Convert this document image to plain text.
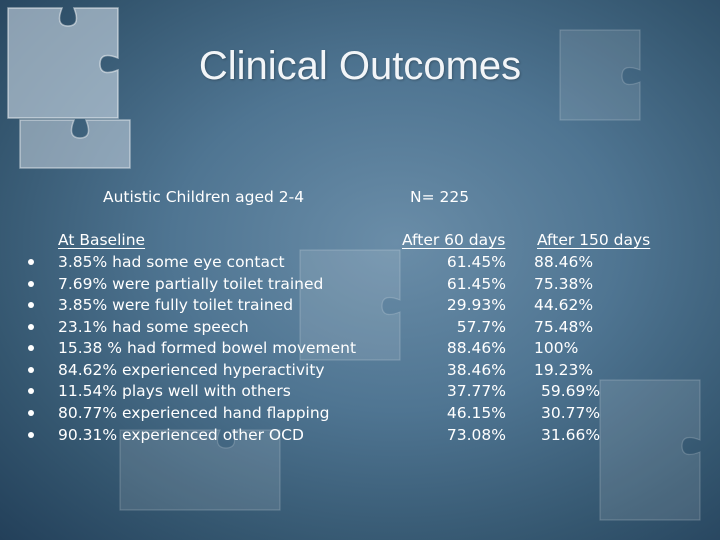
Clinical Outcomes
Autistic Children aged 2-4	N= 225
At Baseline	After 60 days After 150 days
3.85% had some eye contact	61.45% 88.46%
7.69% were partially toilet trained	61.45% 75.38%
3.85% were fully toilet trained	29.93% 44.62%
23.1% had some speech	57.7% 75.48%
15.38 % had formed bowel movement	88.46% 100%
84.62% experienced hyperactivity	38.46% 19.23%
11.54% plays well with others	37.77% 59.69%
80.77% experienced hand flapping	46.15% 30.77%
90.31% experienced other OCD	73.08% 31.66%
